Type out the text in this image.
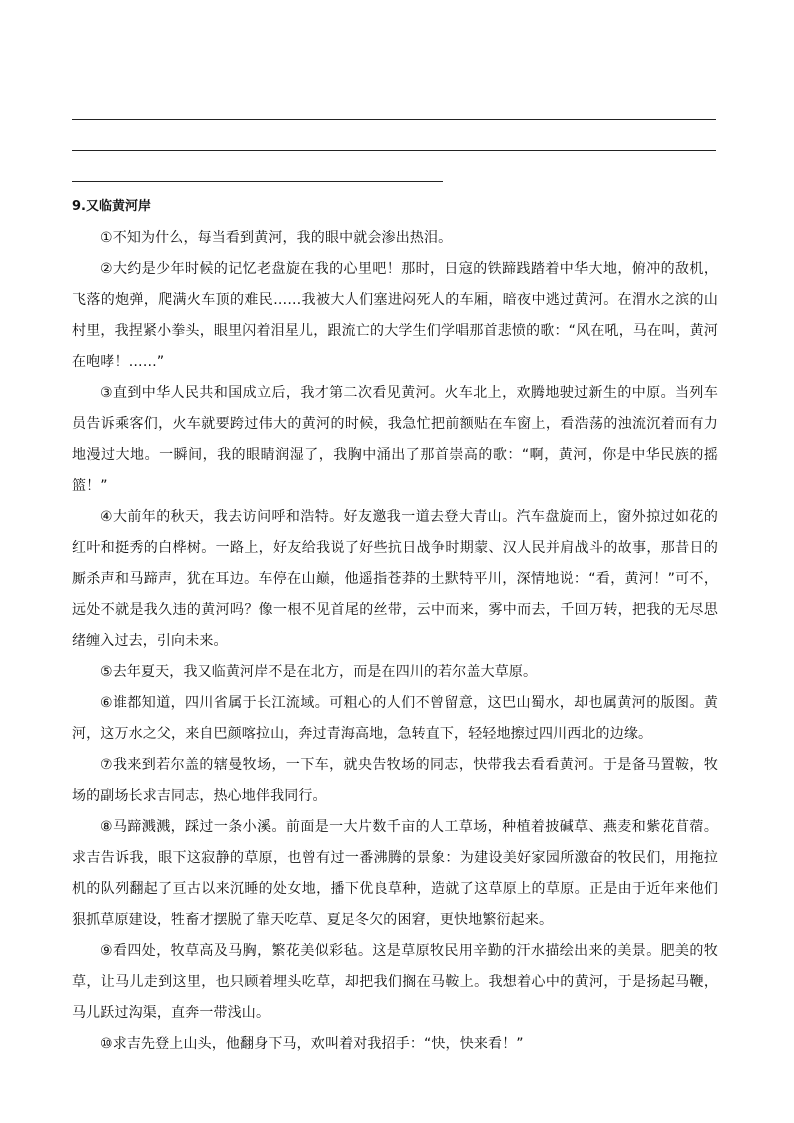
9.又临黄河岸

①不知为什么，每当看到黄河，我的眼中就会渗出热泪。

②大约是少年时候的记忆老盘旋在我的心里吧！那时，日寇的铁蹄践踏着中华大地，俯冲的敌机，飞落的炮弹，爬满火车顶的难民……我被大人们塞进闷死人的车厢，暗夜中逃过黄河。在渭水之滨的山村里，我捏紧小拳头，眼里闪着泪星儿，跟流亡的大学生们学唱那首悲愤的歌：“风在吼，马在叫，黄河在咆哮！……”

③直到中华人民共和国成立后，我才第二次看见黄河。火车北上，欢腾地驶过新生的中原。当列车员告诉乘客们，火车就要跨过伟大的黄河的时候，我急忙把前额贴在车窗上，看浩荡的浊流沉着而有力地漫过大地。一瞬间，我的眼睛润湿了，我胸中涌出了那首崇高的歌：“啊，黄河，你是中华民族的摇篮！”

④大前年的秋天，我去访问呼和浩特。好友邀我一道去登大青山。汽车盘旋而上，窗外掠过如花的红叶和挺秀的白桦树。一路上，好友给我说了好些抗日战争时期蒙、汉人民并肩战斗的故事，那昔日的厮杀声和马蹄声，犹在耳边。车停在山巅，他遥指苍莽的土默特平川，深情地说：“看，黄河！”可不，远处不就是我久违的黄河吗？像一根不见首尾的丝带，云中而来，雾中而去，千回万转，把我的无尽思绪缠入过去，引向未来。

⑤去年夏天，我又临黄河岸不是在北方，而是在四川的若尔盖大草原。

⑥谁都知道，四川省属于长江流域。可粗心的人们不曾留意，这巴山蜀水，却也属黄河的版图。黄河，这万水之父，来自巴颜喀拉山，奔过青海高地，急转直下，轻轻地擦过四川西北的边缘。

⑦我来到若尔盖的辖曼牧场，一下车，就央告牧场的同志，快带我去看看黄河。于是备马置鞍，牧场的副场长求吉同志，热心地伴我同行。

⑧马蹄溅溅，踩过一条小溪。前面是一大片数千亩的人工草场，种植着披碱草、燕麦和紫花苜蓿。求吉告诉我，眼下这寂静的草原，也曾有过一番沸腾的景象：为建设美好家园所激奋的牧民们，用拖拉机的队列翻起了亘古以来沉睡的处女地，播下优良草种，造就了这草原上的草原。正是由于近年来他们狠抓草原建设，牲畜才摆脱了靠天吃草、夏足冬欠的困窘，更快地繁衍起来。

⑨看四处，牧草高及马胸，繁花美似彩毡。这是草原牧民用辛勤的汗水描绘出来的美景。肥美的牧草，让马儿走到这里，也只顾着埋头吃草，却把我们搁在马鞍上。我想着心中的黄河，于是扬起马鞭，马儿跃过沟渠，直奔一带浅山。

⑩求吉先登上山头，他翻身下马，欢叫着对我招手：“快，快来看！”
